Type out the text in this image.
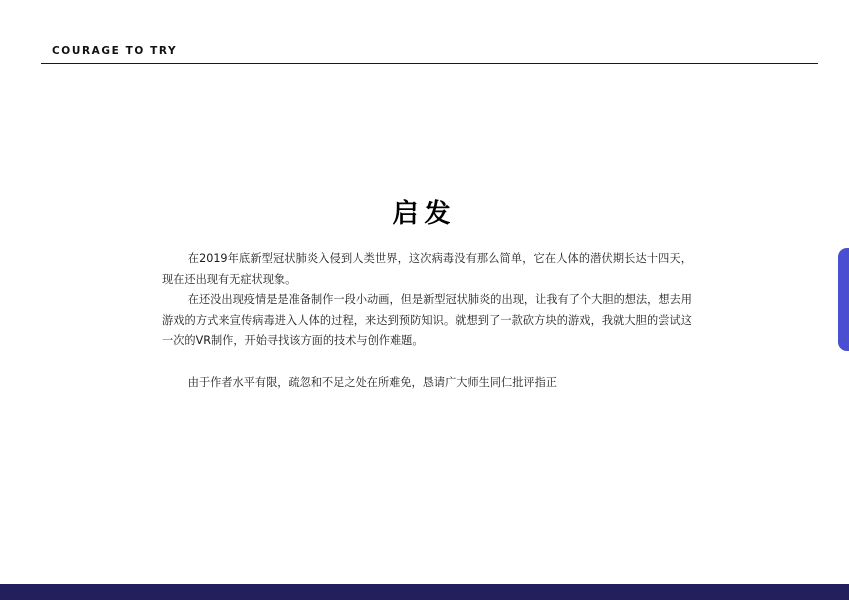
COURAGE TO TRY
启发

在2019年底新型冠状肺炎入侵到人类世界，这次病毒没有那么简单，它在人体的潜伏期长达十四天，现在还出现有无症状现象。

在还没出现疫情是是准备制作一段小动画，但是新型冠状肺炎的出现，让我有了个大胆的想法，想去用游戏的方式来宣传病毒进入人体的过程，来达到预防知识。就想到了一款砍方块的游戏，我就大胆的尝试这一次的VR制作，开始寻找该方面的技术与创作难题。

由于作者水平有限，疏忽和不足之处在所难免，恳请广大师生同仁批评指正
